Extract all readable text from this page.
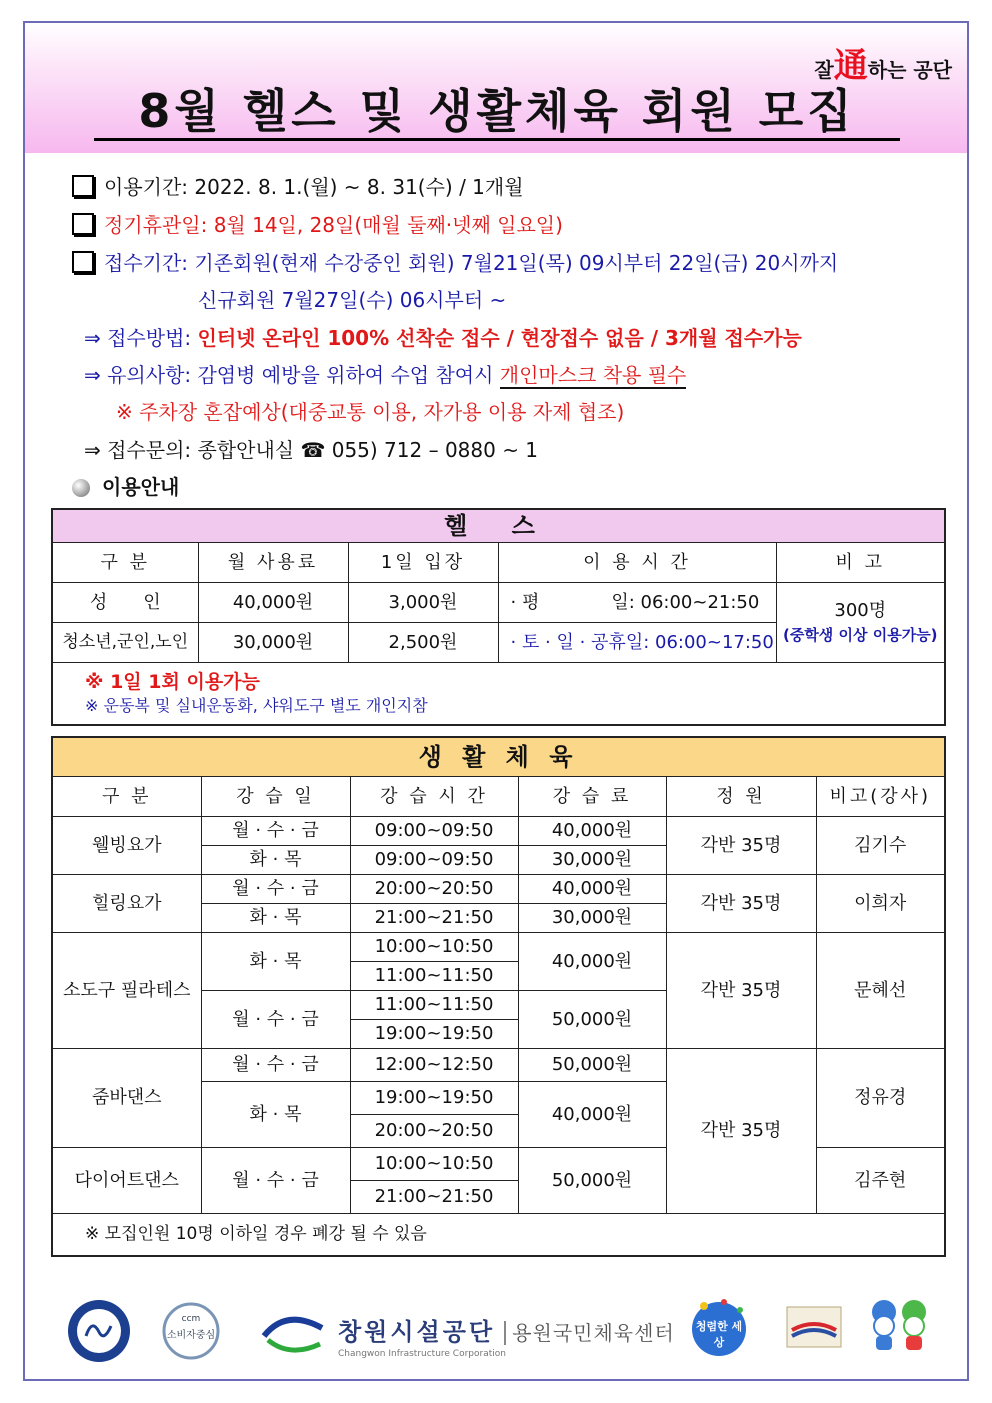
잘通하는 공단
8월 헬스 및 생활체육 회원 모집
이용기간: 2022. 8. 1.(월) ~ 8. 31(수) / 1개월
정기휴관일: 8월 14일, 28일(매월 둘째·넷째 일요일)
접수기간: 기존회원(현재 수강중인 회원) 7월21일(목) 09시부터 22일(금) 20시까지
신규회원 7월27일(수) 06시부터 ~
⇒ 접수방법: 인터넷 온라인 100% 선착순 접수 / 현장접수 없음 / 3개월 접수가능
⇒ 유의사항: 감염병 예방을 위하여 수업 참여시 개인마스크 착용 필수
※ 주차장 혼잡예상(대중교통 이용, 자가용 이용 자제 협조)
⇒ 접수문의: 종합안내실 ☎ 055) 712 – 0880 ~ 1
이용안내
헬 스				
구 분	월 사용료	1일 입장	이 용 시 간	비 고
성　　인	40,000원	3,000원	· 평　　　　일: 06:00~21:50	300명
(중학생 이상 이용가능)

청소년,군인,노인	30,000원	2,500원	· 토 · 일 · 공휴일: 06:00~17:50	

※ 1일 1회 이용가능
※ 운동복 및 실내운동화, 샤워도구 별도 개인지참				
생 활 체 육					
구 분	강 습 일	강 습 시 간	강 습 료	정 원	비고(강사)
웰빙요가	월 · 수 · 금	09:00~09:50	40,000원	각반 35명	김기수
	화 · 목	09:00~09:50	30,000원		
힐링요가	월 · 수 · 금	20:00~20:50	40,000원	각반 35명	이희자
	화 · 목	21:00~21:50	30,000원		
소도구 필라테스	화 · 목	10:00~10:50	40,000원	각반 35명	문혜선
		11:00~11:50			
	월 · 수 · 금	11:00~11:50	50,000원		
		19:00~19:50			
줌바댄스	월 · 수 · 금	12:00~12:50	50,000원	각반 35명	정유경
	화 · 목	19:00~19:50	40,000원		
		20:00~20:50			
다이어트댄스	월 · 수 · 금	10:00~10:50	50,000원		김주현
		21:00~21:50			
※ 모집인원 10명 이하일 경우 폐강 될 수 있음					
ccm
소비자중심	창원시설공단 용원국민체육센터
Changwon Infrastructure Corporation
청렴한 세상
